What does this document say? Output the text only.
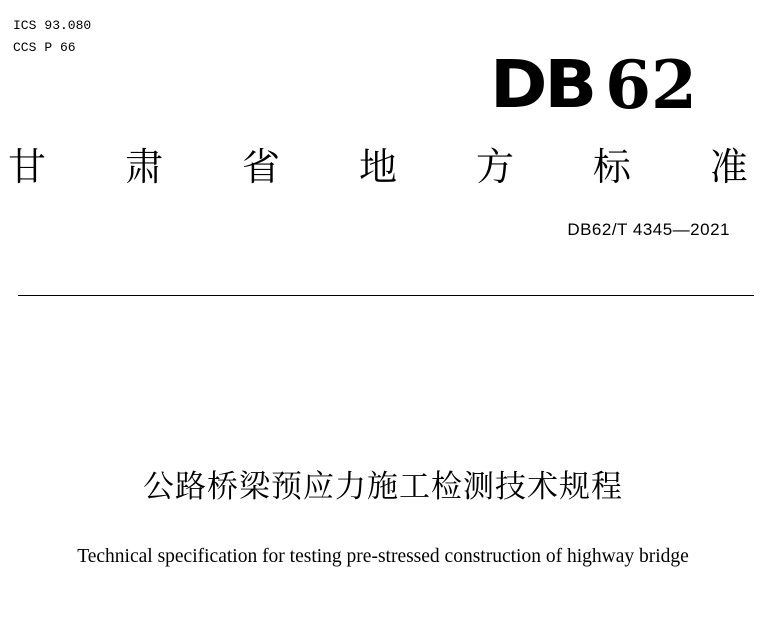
ICS 93.080
CCS P 66	DB 62
甘 肃 省 地 方 标 准
DB62/T 4345—2021
公路桥梁预应力施工检测技术规程
Technical specification for testing pre-stressed construction of highway bridge
